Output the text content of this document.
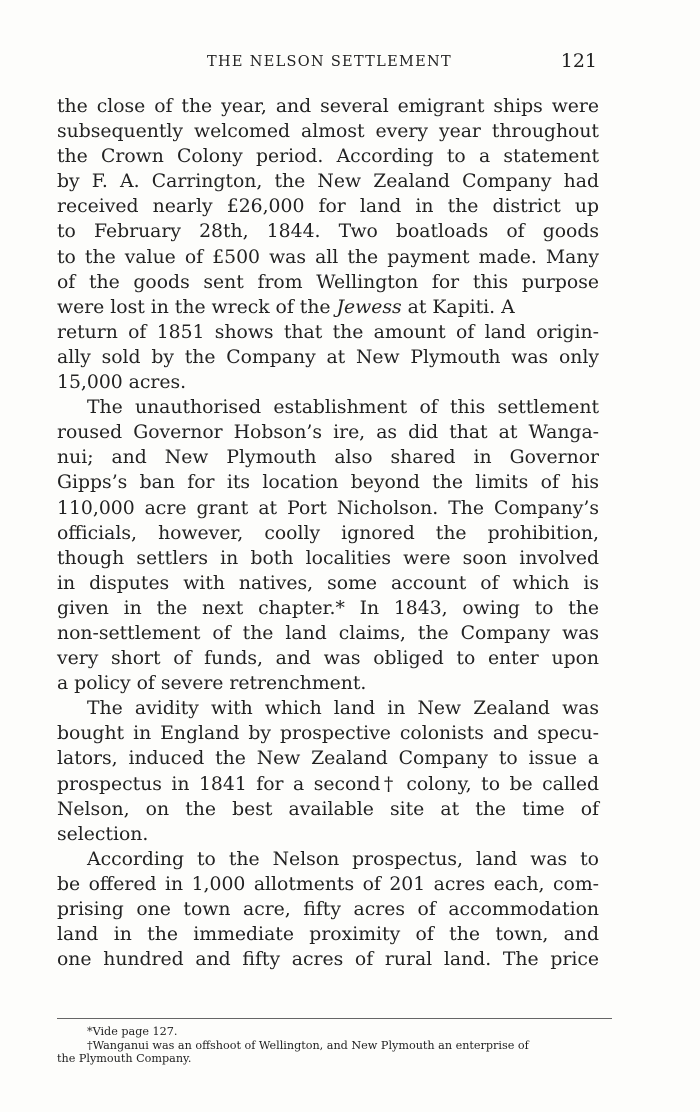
THE NELSON SETTLEMENT	121
the close of the year, and several emigrant ships were
subsequently welcomed almost every year throughout
the Crown Colony period. According to a statement
by F. A. Carrington, the New Zealand Company had
received nearly £26,000 for land in the district up
to February 28th, 1844. Two boatloads of goods
to the value of £500 was all the payment made. Many
of the goods sent from Wellington for this purpose
were lost in the wreck of the Jewess at Kapiti. A
return of 1851 shows that the amount of land origin-
ally sold by the Company at New Plymouth was only
15,000 acres.
The unauthorised establishment of this settlement
roused Governor Hobson’s ire, as did that at Wanga-
nui; and New Plymouth also shared in Governor
Gipps’s ban for its location beyond the limits of his
110,000 acre grant at Port Nicholson. The Company’s
officials, however, coolly ignored the prohibition,
though settlers in both localities were soon involved
in disputes with natives, some account of which is
given in the next chapter.* In 1843, owing to the
non-settlement of the land claims, the Company was
very short of funds, and was obliged to enter upon
a policy of severe retrenchment.
The avidity with which land in New Zealand was
bought in England by prospective colonists and specu-
lators, induced the New Zealand Company to issue a
prospectus in 1841 for a second† colony, to be called
Nelson, on the best available site at the time of
selection.
According to the Nelson prospectus, land was to
be offered in 1,000 allotments of 201 acres each, com-
prising one town acre, fifty acres of accommodation
land in the immediate proximity of the town, and
one hundred and fifty acres of rural land. The price
*Vide page 127.
†Wanganui was an offshoot of Wellington, and New Plymouth an enterprise of
the Plymouth Company.
